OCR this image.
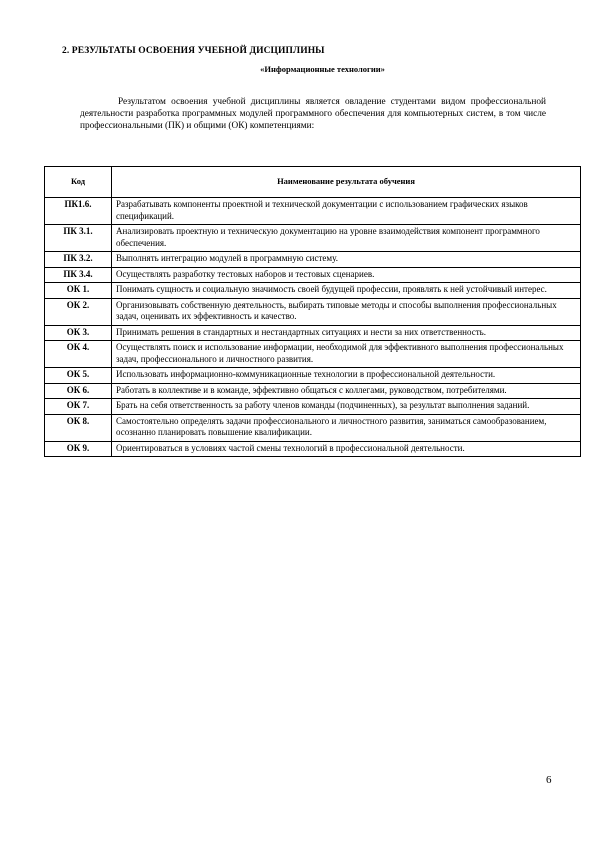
2. РЕЗУЛЬТАТЫ ОСВОЕНИЯ УЧЕБНОЙ ДИСЦИПЛИНЫ
«Информационные технологии»
Результатом освоения учебной дисциплины является овладение студентами видом профессиональной деятельности разработка программных модулей программного обеспечения для компьютерных систем, в том числе профессиональными (ПК) и общими (ОК) компетенциями:
Код	Наименование результата обучения
ПК1.6.	Разрабатывать компоненты проектной и технической документации с использованием графических языков спецификаций.
ПК 3.1.	Анализировать проектную и техническую документацию на уровне взаимодействия компонент программного обеспечения.
ПК 3.2.	Выполнять интеграцию модулей в программную систему.
ПК 3.4.	Осуществлять разработку тестовых наборов и тестовых сценариев.
ОК 1.	Понимать сущность и социальную значимость своей будущей профессии, проявлять к ней устойчивый интерес.
ОК 2.	Организовывать собственную деятельность, выбирать типовые методы и способы выполнения профессиональных задач, оценивать их эффективность и качество.
ОК 3.	Принимать решения в стандартных и нестандартных ситуациях и нести за них ответственность.
ОК 4.	Осуществлять поиск и использование информации, необходимой для эффективного выполнения профессиональных задач, профессионального и личностного развития.
ОК 5.	Использовать информационно-коммуникационные технологии в профессиональной деятельности.
ОК 6.	Работать в коллективе и в команде, эффективно общаться с коллегами, руководством, потребителями.
ОК 7.	Брать на себя ответственность за работу членов команды (подчиненных), за результат выполнения заданий.
ОК 8.	Самостоятельно определять задачи профессионального и личностного развития, заниматься самообразованием, осознанно планировать повышение квалификации.
ОК 9.	Ориентироваться в условиях частой смены технологий в профессиональной деятельности.
6
